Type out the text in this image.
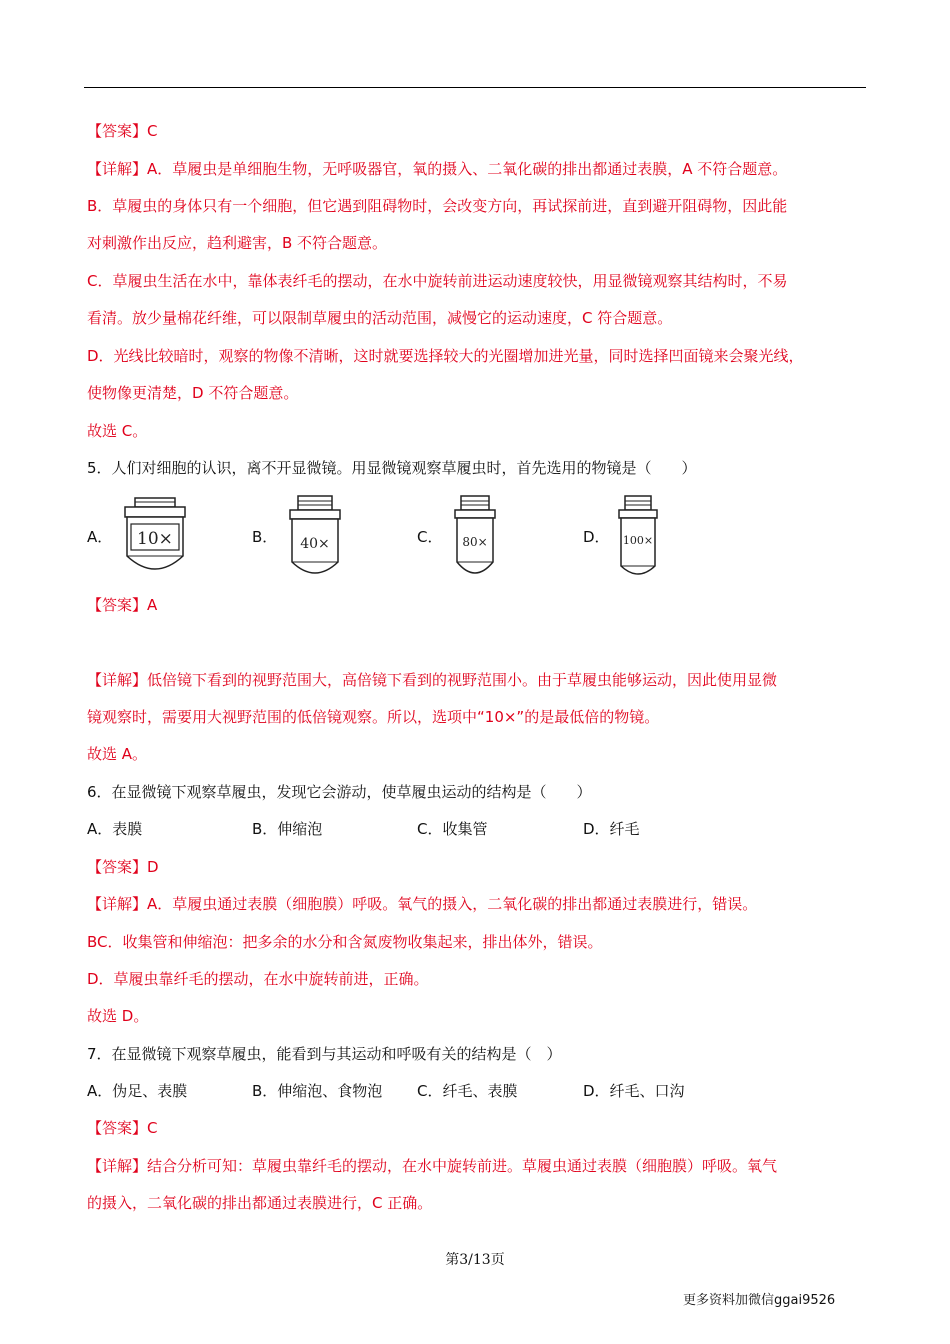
【答案】C
【详解】A．草履虫是单细胞生物，无呼吸器官，氧的摄入、二氧化碳的排出都通过表膜，A 不符合题意。
B．草履虫的身体只有一个细胞，但它遇到阻碍物时，会改变方向，再试探前进，直到避开阻碍物，因此能
对刺激作出反应，趋利避害，B 不符合题意。
C．草履虫生活在水中，靠体表纤毛的摆动，在水中旋转前进运动速度较快，用显微镜观察其结构时，不易
看清。放少量棉花纤维，可以限制草履虫的活动范围，减慢它的运动速度，C 符合题意。
D．光线比较暗时，观察的物像不清晰，这时就要选择较大的光圈增加进光量，同时选择凹面镜来会聚光线，
使物像更清楚，D 不符合题意。
故选 C。
5．人们对细胞的认识，离不开显微镜。用显微镜观察草履虫时，首先选用的物镜是（　　）
【答案】A
【详解】低倍镜下看到的视野范围大，高倍镜下看到的视野范围小。由于草履虫能够运动，因此使用显微
镜观察时，需要用大视野范围的低倍镜观察。所以，选项中“10×”的是最低倍的物镜。
故选 A。
6．在显微镜下观察草履虫，发现它会游动，使草履虫运动的结构是（　　）
【答案】D
【详解】A．草履虫通过表膜（细胞膜）呼吸。氧气的摄入，二氧化碳的排出都通过表膜进行，错误。
BC．收集管和伸缩泡：把多余的水分和含氮废物收集起来，排出体外，错误。
D．草履虫靠纤毛的摆动，在水中旋转前进，正确。
故选 D。
7．在显微镜下观察草履虫，能看到与其运动和呼吸有关的结构是（　）
【答案】C
【详解】结合分析可知：草履虫靠纤毛的摆动，在水中旋转前进。草履虫通过表膜（细胞膜）呼吸。氧气
的摄入，二氧化碳的排出都通过表膜进行，C 正确。
A． 10×	B． 40×	C． 80×	D． 100×
A．表膜	B．伸缩泡	C．收集管	D．纤毛
A．伪足、表膜	B．伸缩泡、食物泡 C．纤毛、表膜	D．纤毛、口沟
第3/13页
更多资料加微信ggai9526
